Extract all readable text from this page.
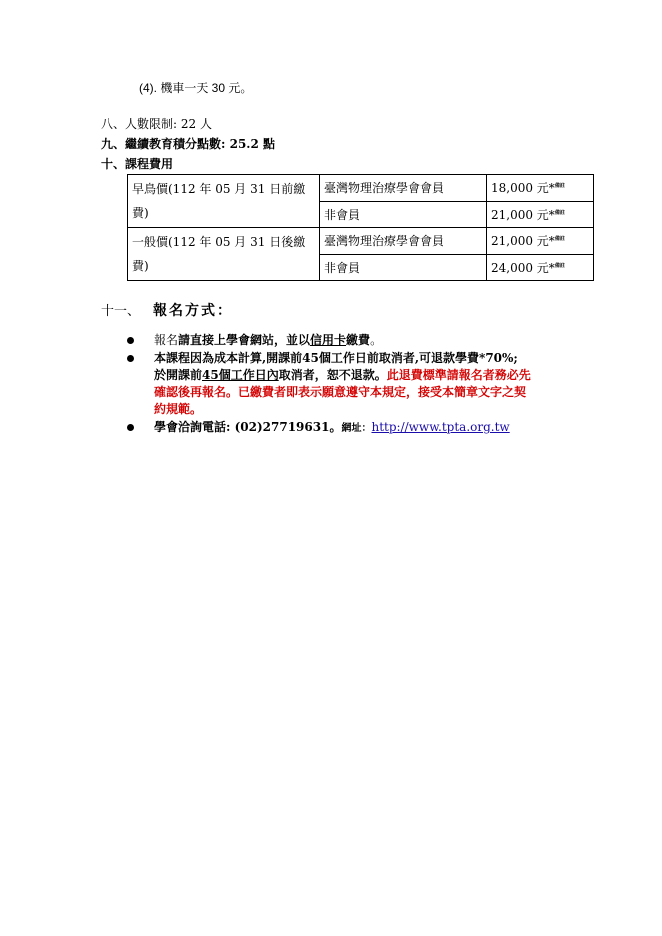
(4). 機車一天 30 元。
八、人數限制: 22 人
九、繼續教育積分點數: 25.2 點
十、課程費用
早鳥價(112 年 05 月 31 日前繳費)	臺灣物理治療學會會員	18,000 元*$^{備註}$
	非會員	21,000 元*$^{備註}$
一般價(112 年 05 月 31 日後繳費)	臺灣物理治療學會會員	21,000 元*$^{備註}$
	非會員	24,000 元*$^{備註}$
十一、 報名方式：
報名請直接上學會網站，並以信用卡繳費。
本課程因為成本計算,開課前45個工作日前取消者,可退款學費*70%;
於開課前45個工作日內取消者，恕不退款。此退費標準請報名者務必先
確認後再報名。已繳費者即表示願意遵守本規定，接受本簡章文字之契
約規範。
學會洽詢電話: (02)27719631。網址：http://www.tpta.org.tw
